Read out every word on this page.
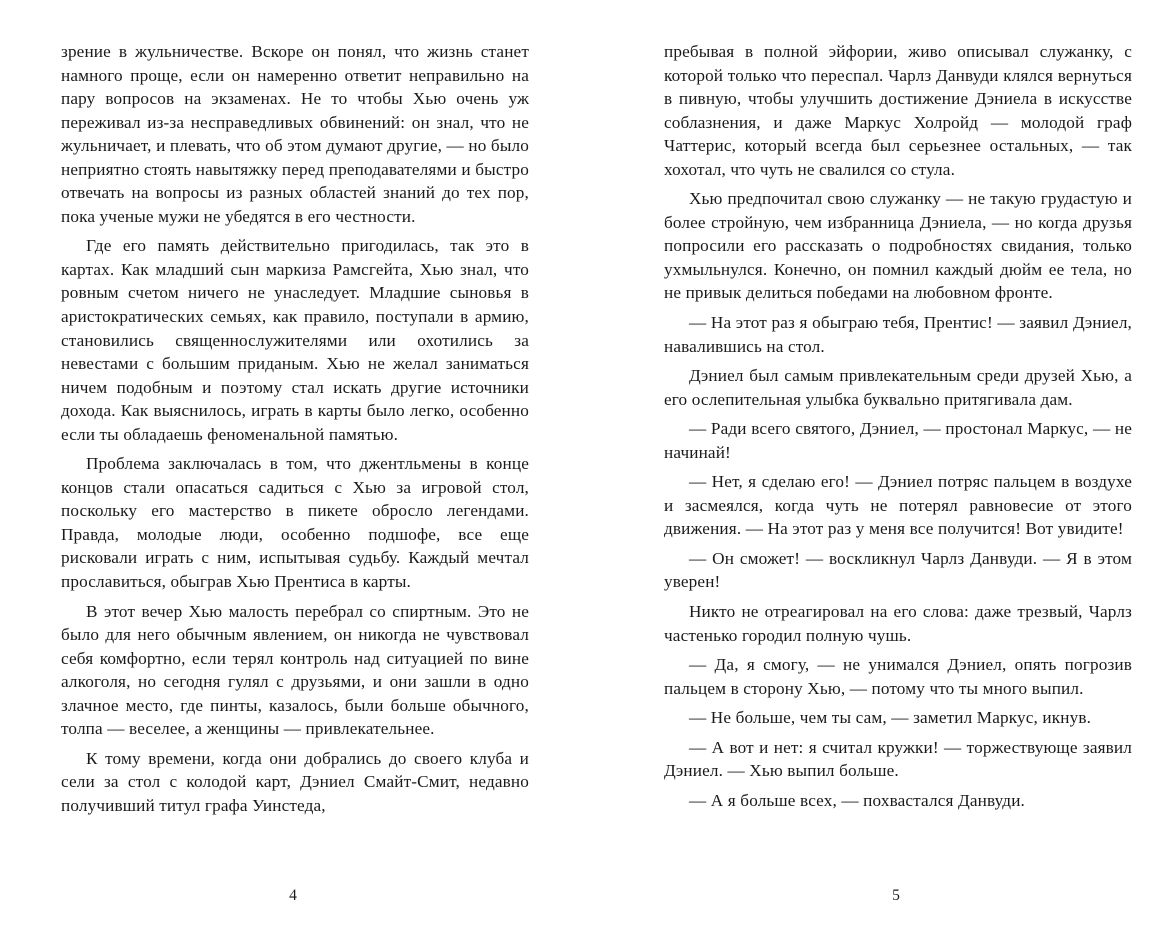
зрение в жульничестве. Вскоре он понял, что жизнь станет намного проще, если он намеренно ответит неправильно на пару вопросов на экзаменах. Не то чтобы Хью очень уж переживал из-за несправедливых обвинений: он знал, что не жульничает, и плевать, что об этом думают другие, — но было неприятно стоять навытяжку перед преподавателями и быстро отвечать на вопросы из разных областей знаний до тех пор, пока ученые мужи не убедятся в его честности.

Где его память действительно пригодилась, так это в картах. Как младший сын маркиза Рамсгейта, Хью знал, что ровным счетом ничего не унаследует. Младшие сыновья в аристократических семьях, как правило, поступали в армию, становились священнослужителями или охотились за невестами с большим приданым. Хью не желал заниматься ничем подобным и поэтому стал искать другие источники дохода. Как выяснилось, играть в карты было легко, особенно если ты обладаешь феноменальной памятью.

Проблема заключалась в том, что джентльмены в конце концов стали опасаться садиться с Хью за игровой стол, поскольку его мастерство в пикете обросло легендами. Правда, молодые люди, особенно подшофе, все еще рисковали играть с ним, испытывая судьбу. Каждый мечтал прославиться, обыграв Хью Прентиса в карты.

В этот вечер Хью малость перебрал со спиртным. Это не было для него обычным явлением, он никогда не чувствовал себя комфортно, если терял контроль над ситуацией по вине алкоголя, но сегодня гулял с друзьями, и они зашли в одно злачное место, где пинты, казалось, были больше обычного, толпа — веселее, а женщины — привлекательнее.

К тому времени, когда они добрались до своего клуба и сели за стол с колодой карт, Дэниел Смайт-Смит, недавно получивший титул графа Уинстеда,

4

пребывая в полной эйфории, живо описывал служанку, с которой только что переспал. Чарлз Данвуди клялся вернуться в пивную, чтобы улучшить достижение Дэниела в искусстве соблазнения, и даже Маркус Холройд — молодой граф Чаттерис, который всегда был серьезнее остальных, — так хохотал, что чуть не свалился со стула.

Хью предпочитал свою служанку — не такую грудастую и более стройную, чем избранница Дэниела, — но когда друзья попросили его рассказать о подробностях свидания, только ухмыльнулся. Конечно, он помнил каждый дюйм ее тела, но не привык делиться победами на любовном фронте.

— На этот раз я обыграю тебя, Прентис! — заявил Дэниел, навалившись на стол.

Дэниел был самым привлекательным среди друзей Хью, а его ослепительная улыбка буквально притягивала дам.

— Ради всего святого, Дэниел, — простонал Маркус, — не начинай!

— Нет, я сделаю его! — Дэниел потряс пальцем в воздухе и засмеялся, когда чуть не потерял равновесие от этого движения. — На этот раз у меня все получится! Вот увидите!

— Он сможет! — воскликнул Чарлз Данвуди. — Я в этом уверен!

Никто не отреагировал на его слова: даже трезвый, Чарлз частенько городил полную чушь.

— Да, я смогу, — не унимался Дэниел, опять погрозив пальцем в сторону Хью, — потому что ты много выпил.

— Не больше, чем ты сам, — заметил Маркус, икнув.

— А вот и нет: я считал кружки! — торжествующе заявил Дэниел. — Хью выпил больше.

— А я больше всех, — похвастался Данвуди.

5
